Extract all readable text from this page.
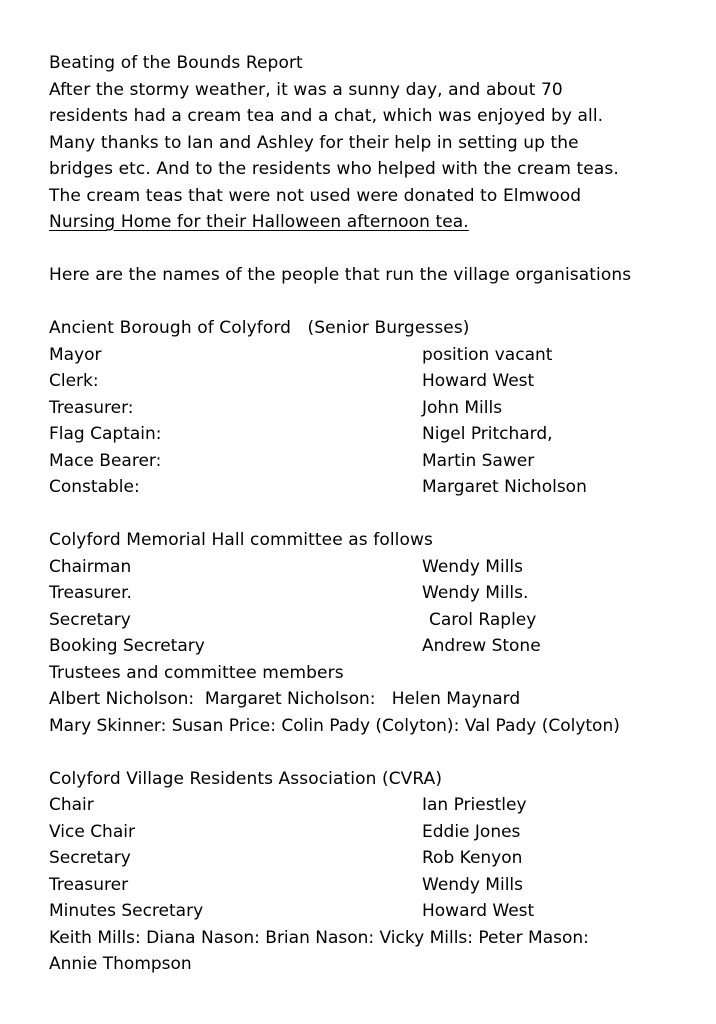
Beating of the Bounds Report
After the stormy weather, it was a sunny day, and about 70
residents had a cream tea and a chat, which was enjoyed by all.
Many thanks to Ian and Ashley for their help in setting up the
bridges etc. And to the residents who helped with the cream teas.
The cream teas that were not used were donated to Elmwood
Nursing Home for their Halloween afternoon tea.
Here are the names of the people that run the village organisations
Ancient Borough of Colyford   (Senior Burgesses)
Mayor	position vacant
Clerk:	Howard West
Treasurer:	John Mills
Flag Captain:	Nigel Pritchard,
Mace Bearer:	Martin Sawer
Constable:	Margaret Nicholson
Colyford Memorial Hall committee as follows
Chairman	Wendy Mills
Treasurer.	Wendy Mills.
Secretary	Carol Rapley
Booking Secretary	Andrew Stone
Trustees and committee members
Albert Nicholson:  Margaret Nicholson:   Helen Maynard
Mary Skinner: Susan Price: Colin Pady (Colyton): Val Pady (Colyton)
Colyford Village Residents Association (CVRA)
Chair	Ian Priestley
Vice Chair	Eddie Jones
Secretary	Rob Kenyon
Treasurer	Wendy Mills
Minutes Secretary	Howard West
Keith Mills: Diana Nason: Brian Nason: Vicky Mills: Peter Mason:
Annie Thompson
